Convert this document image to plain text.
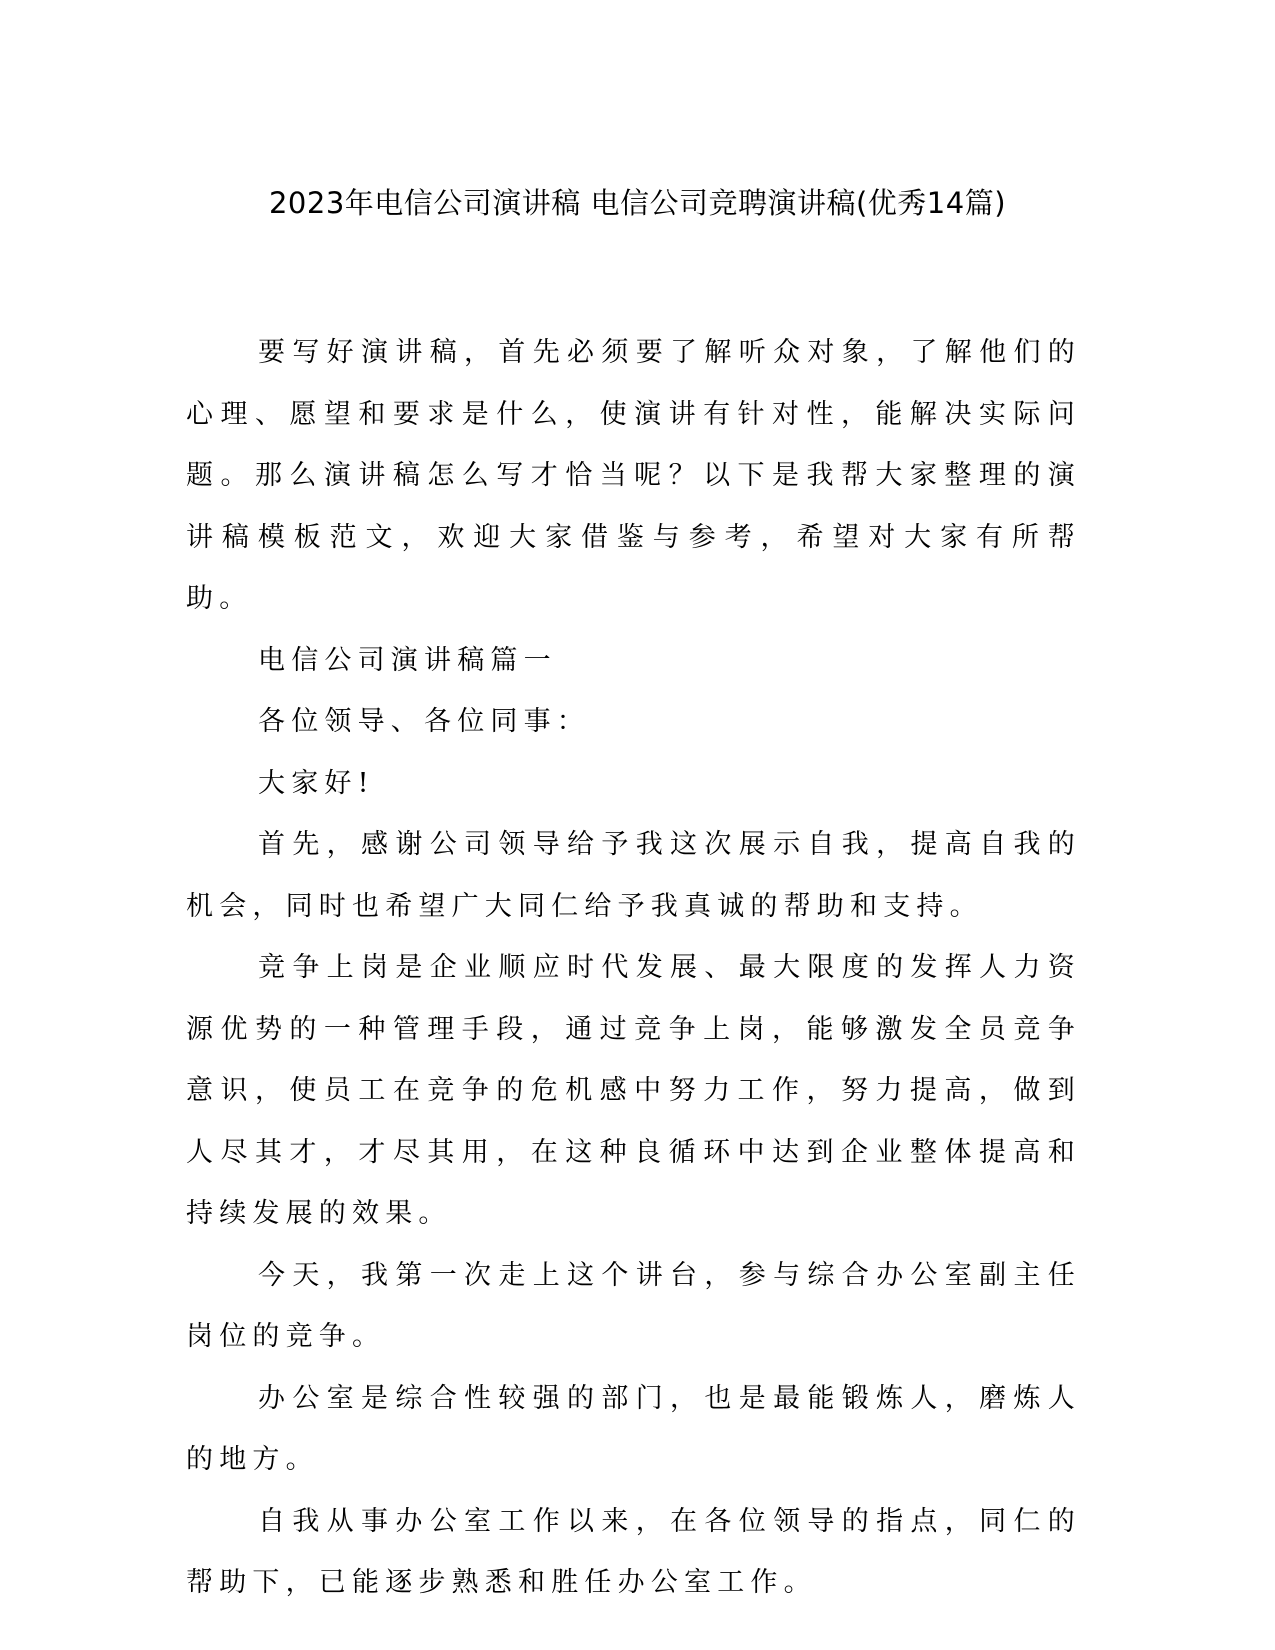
2023年电信公司演讲稿 电信公司竞聘演讲稿(优秀14篇)

要写好演讲稿，首先必须要了解听众对象，了解他们的心理、愿望和要求是什么，使演讲有针对性，能解决实际问题。那么演讲稿怎么写才恰当呢？以下是我帮大家整理的演讲稿模板范文，欢迎大家借鉴与参考，希望对大家有所帮助。

电信公司演讲稿篇一

各位领导、各位同事：

大家好!

首先，感谢公司领导给予我这次展示自我，提高自我的机会，同时也希望广大同仁给予我真诚的帮助和支持。

竞争上岗是企业顺应时代发展、最大限度的发挥人力资源优势的一种管理手段，通过竞争上岗，能够激发全员竞争意识，使员工在竞争的危机感中努力工作，努力提高，做到人尽其才，才尽其用，在这种良循环中达到企业整体提高和持续发展的效果。

今天，我第一次走上这个讲台，参与综合办公室副主任岗位的竞争。

办公室是综合性较强的部门，也是最能锻炼人，磨炼人的地方。

自我从事办公室工作以来，在各位领导的指点，同仁的帮助下，已能逐步熟悉和胜任办公室工作。
